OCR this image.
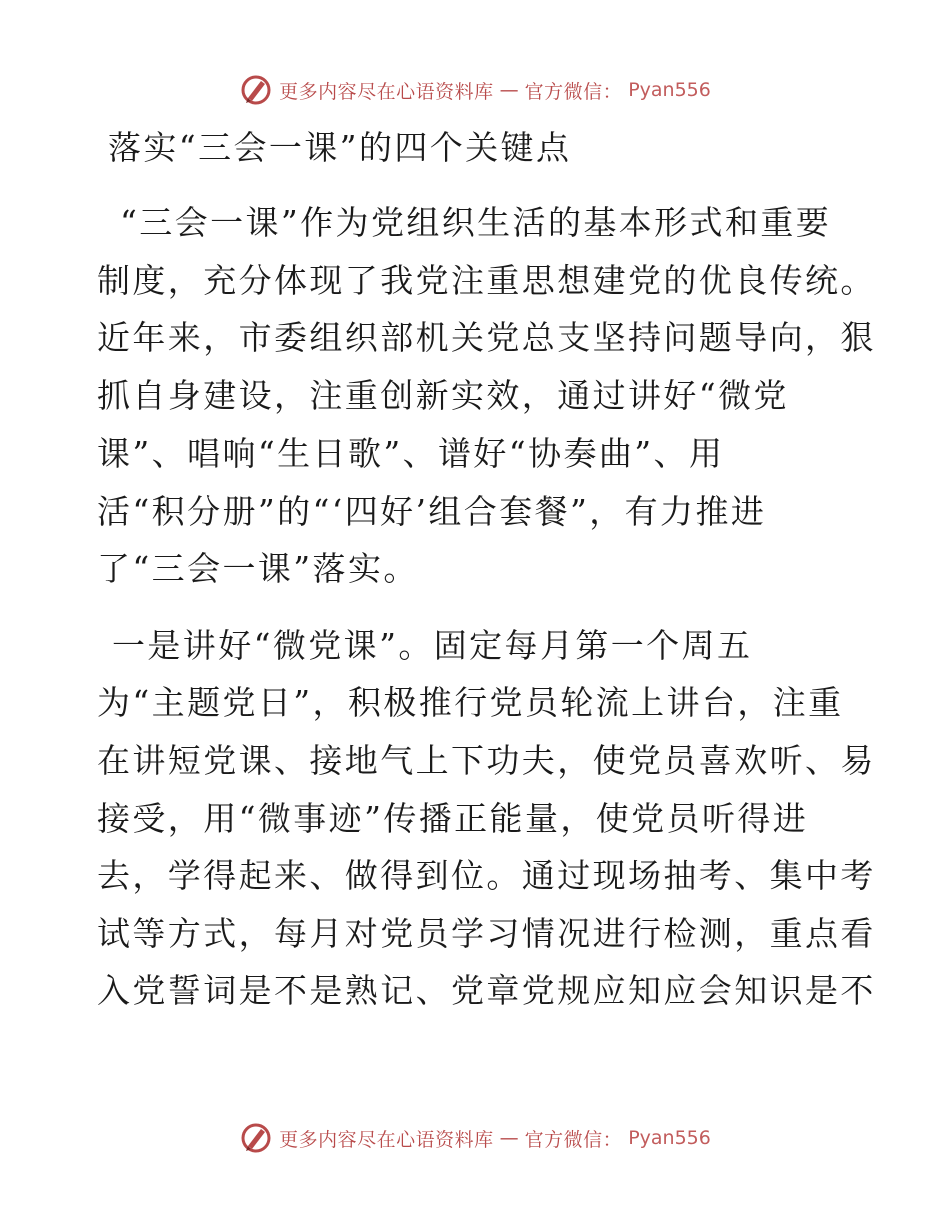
更多内容尽在心语资料库 — 官方微信： Pyan556
落实“三会一课”的四个关键点
“三会一课”作为党组织生活的基本形式和重要
制度，充分体现了我党注重思想建党的优良传统。
近年来，市委组织部机关党总支坚持问题导向，狠
抓自身建设，注重创新实效，通过讲好“微党
课”、唱响“生日歌”、谱好“协奏曲”、用
活“积分册”的“‘四好’组合套餐”，有力推进
了“三会一课”落实。
一是讲好“微党课”。固定每月第一个周五
为“主题党日”，积极推行党员轮流上讲台，注重
在讲短党课、接地气上下功夫，使党员喜欢听、易
接受，用“微事迹”传播正能量，使党员听得进
去，学得起来、做得到位。通过现场抽考、集中考
试等方式，每月对党员学习情况进行检测，重点看
入党誓词是不是熟记、党章党规应知应会知识是不
更多内容尽在心语资料库 — 官方微信： Pyan556
